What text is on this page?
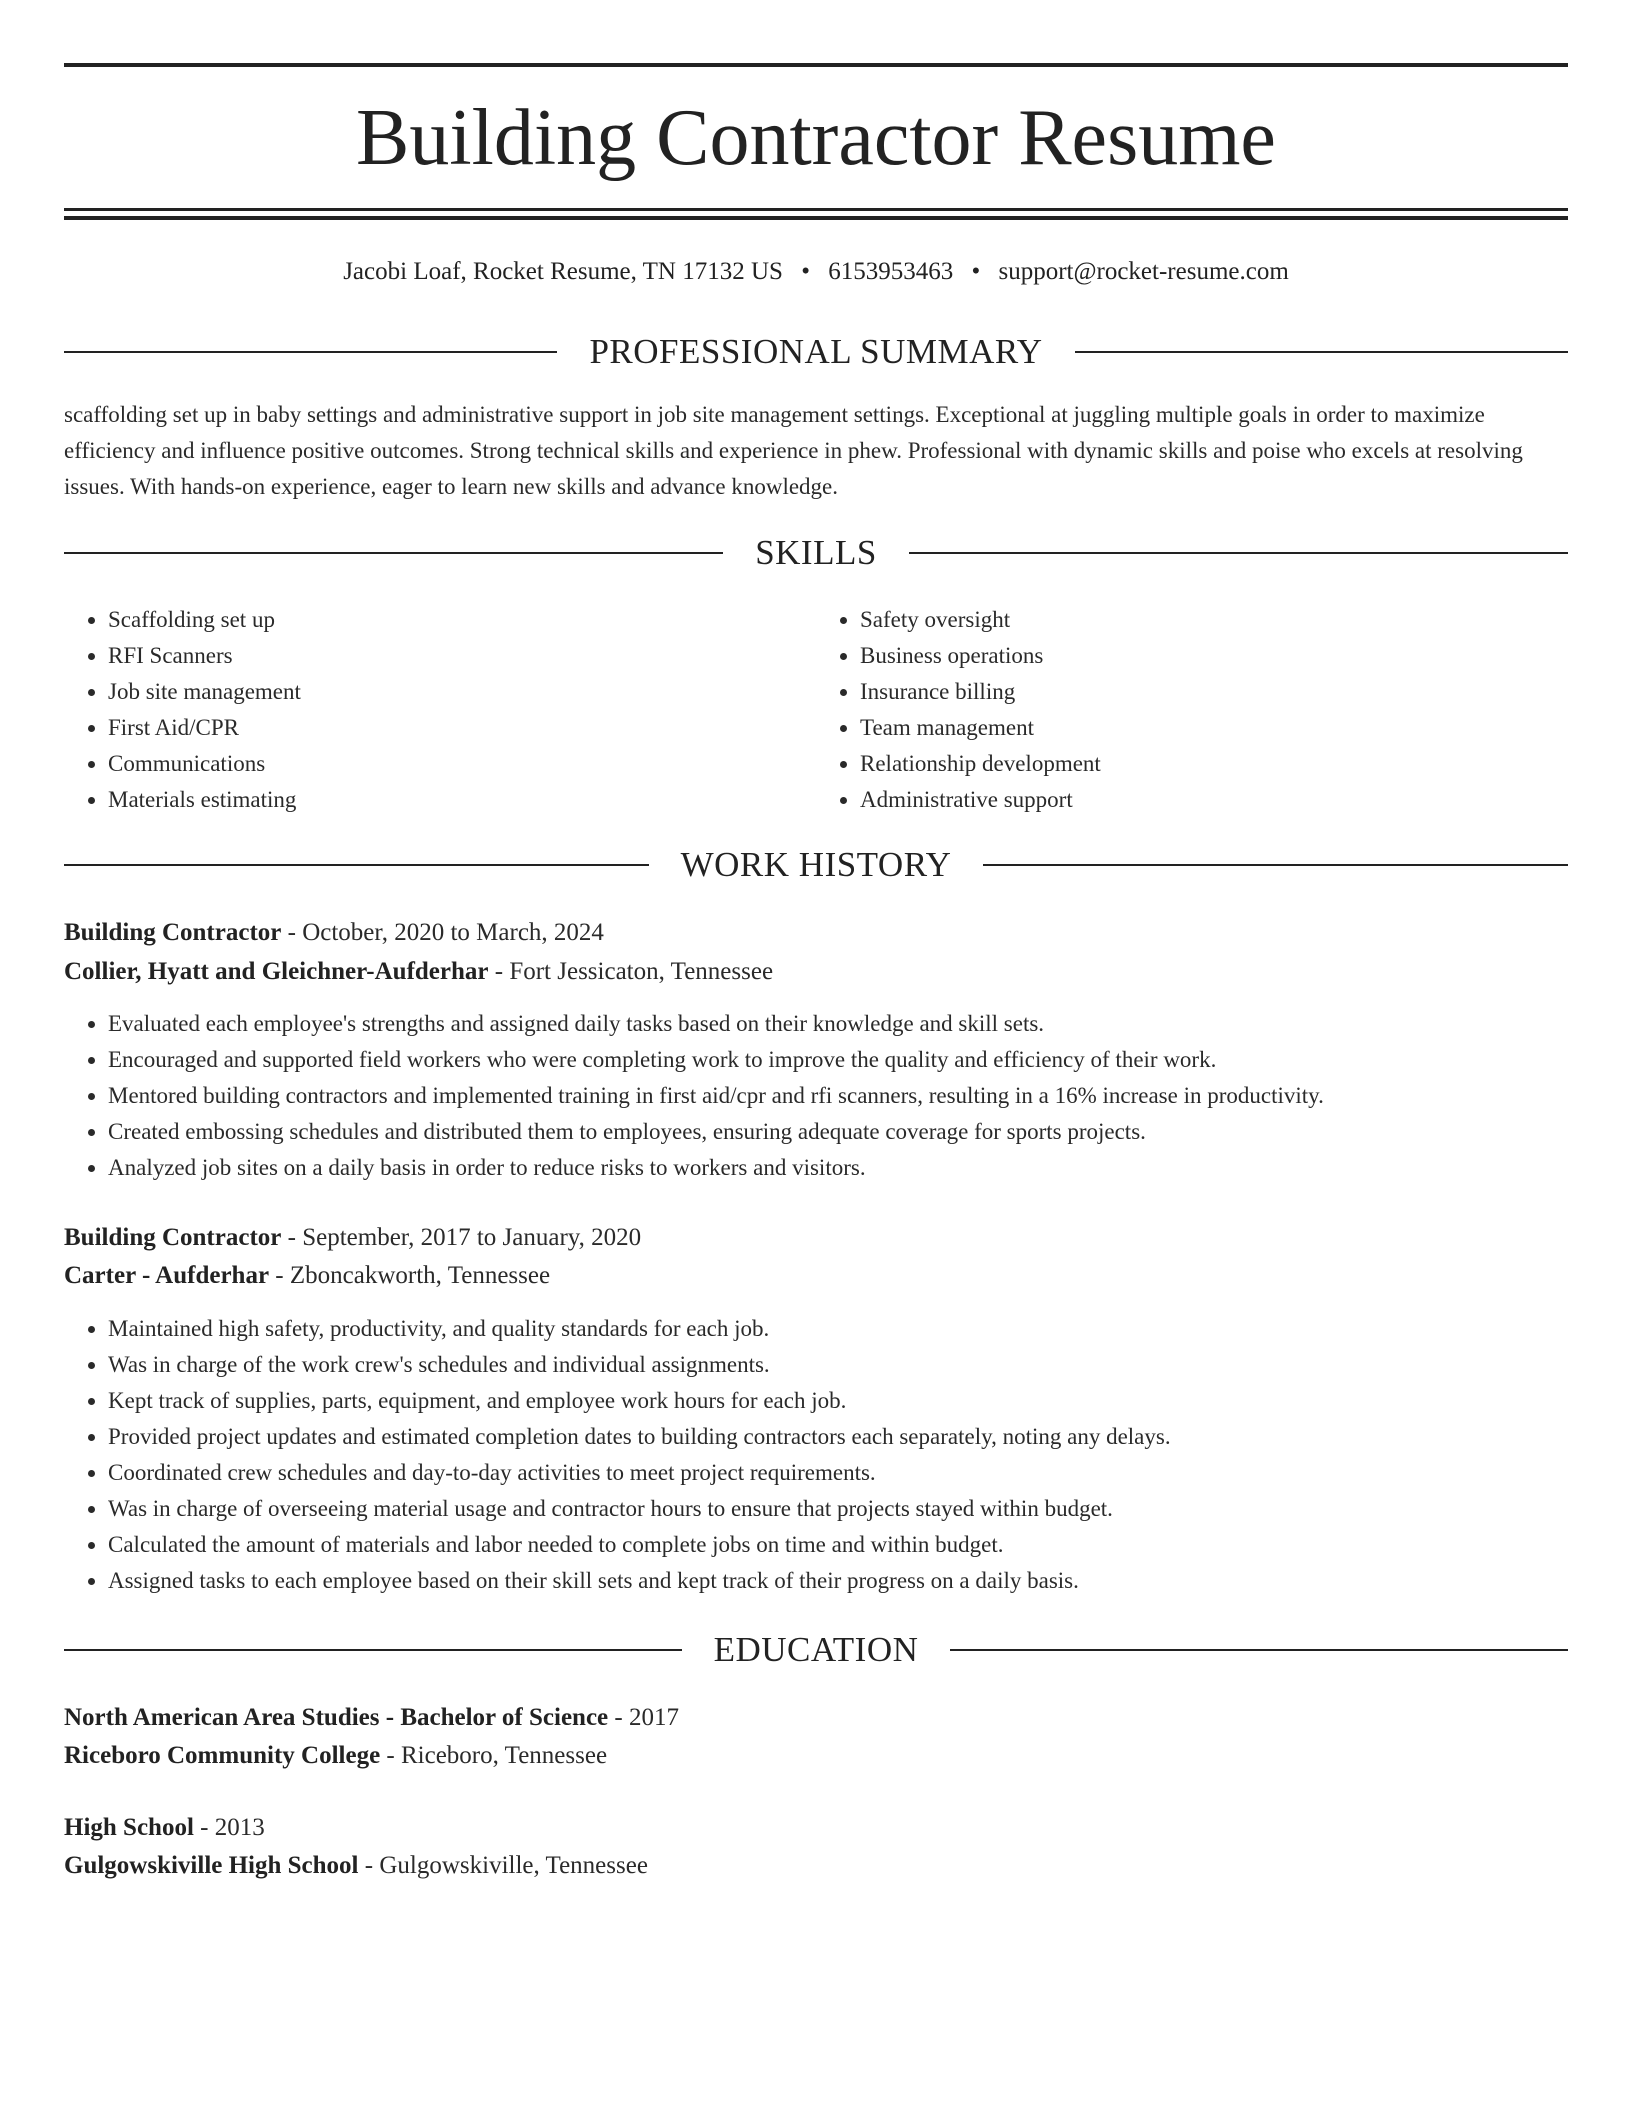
Building Contractor Resume
Jacobi Loaf, Rocket Resume, TN 17132 US • 6153953463 • support@rocket-resume.com
PROFESSIONAL SUMMARY

scaffolding set up in baby settings and administrative support in job site management settings. Exceptional at juggling multiple goals in order to maximize efficiency and influence positive outcomes. Strong technical skills and experience in phew. Professional with dynamic skills and poise who excels at resolving issues. With hands-on experience, eager to learn new skills and advance knowledge.

SKILLS
• Scaffolding set up
• RFI Scanners
• Job site management
• First Aid/CPR
• Communications
• Materials estimating
• Safety oversight
• Business operations
• Insurance billing
• Team management
• Relationship development
• Administrative support
WORK HISTORY
Building Contractor - October, 2020 to March, 2024
Collier, Hyatt and Gleichner-Aufderhar - Fort Jessicaton, Tennessee
• Evaluated each employee's strengths and assigned daily tasks based on their knowledge and skill sets.
• Encouraged and supported field workers who were completing work to improve the quality and efficiency of their work.
• Mentored building contractors and implemented training in first aid/cpr and rfi scanners, resulting in a 16% increase in productivity.
• Created embossing schedules and distributed them to employees, ensuring adequate coverage for sports projects.
• Analyzed job sites on a daily basis in order to reduce risks to workers and visitors.
Building Contractor - September, 2017 to January, 2020
Carter - Aufderhar - Zboncakworth, Tennessee
• Maintained high safety, productivity, and quality standards for each job.
• Was in charge of the work crew's schedules and individual assignments.
• Kept track of supplies, parts, equipment, and employee work hours for each job.
• Provided project updates and estimated completion dates to building contractors each separately, noting any delays.
• Coordinated crew schedules and day-to-day activities to meet project requirements.
• Was in charge of overseeing material usage and contractor hours to ensure that projects stayed within budget.
• Calculated the amount of materials and labor needed to complete jobs on time and within budget.
• Assigned tasks to each employee based on their skill sets and kept track of their progress on a daily basis.
EDUCATION
North American Area Studies - Bachelor of Science - 2017
Riceboro Community College - Riceboro, Tennessee
High School - 2013
Gulgowskiville High School - Gulgowskiville, Tennessee
